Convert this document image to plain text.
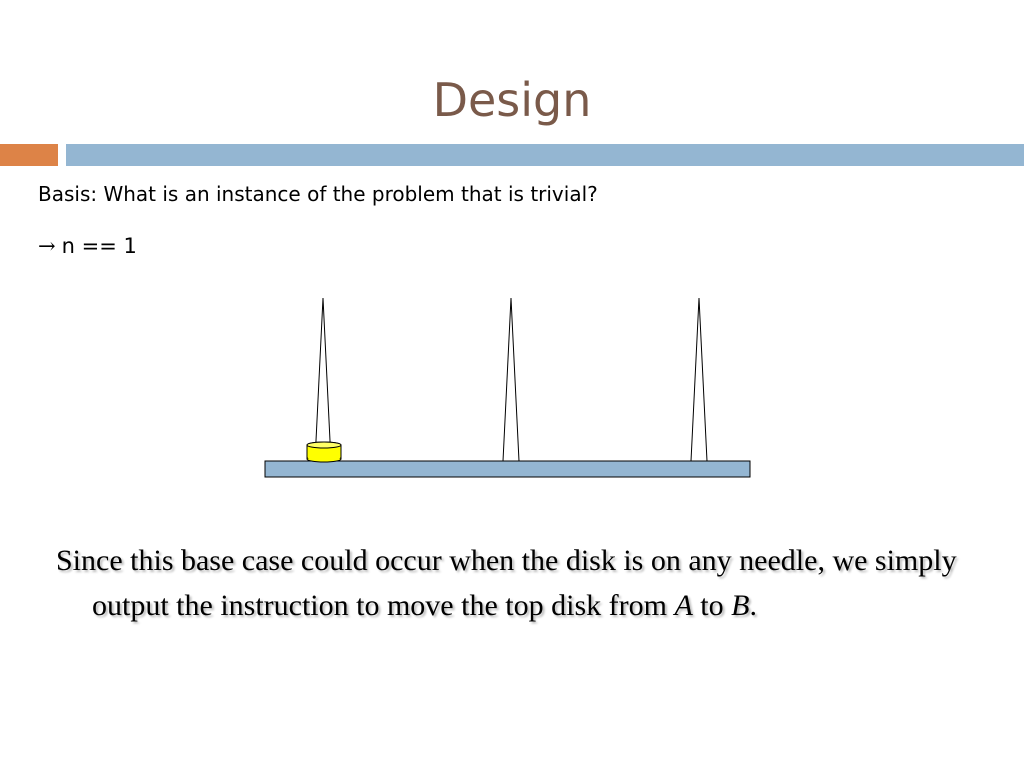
Design
Basis: What is an instance of the problem that is trivial?
→ n == 1
Since this base case could occur when the disk is on any needle, we simply output the instruction to move the top disk from A to B.
